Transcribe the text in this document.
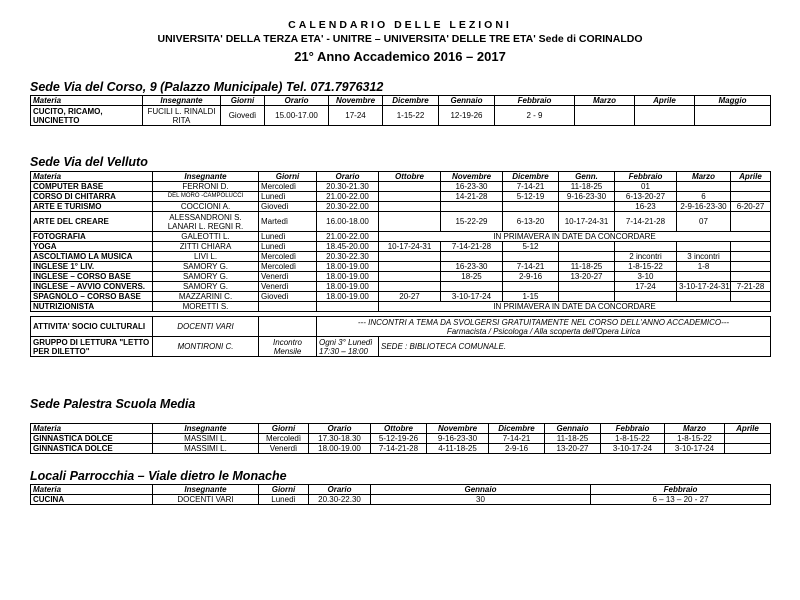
CALENDARIO DELLE LEZIONI
UNIVERSITA' DELLA TERZA ETA' - UNITRE – UNIVERSITA' DELLE TRE ETA' Sede di CORINALDO
21° Anno Accademico 2016 – 2017
Sede Via del Corso, 9 (Palazzo Municipale) Tel. 071.7976312
Materia	Insegnante	Giorni	Orario	Novembre	Dicembre	Gennaio	Febbraio	Marzo	Aprile	Maggio
CUCITO, RICAMO, UNCINETTO	FUCILI L. RINALDI RITA	Giovedì	15.00-17.00	17-24	1-15-22	12-19-26	2 - 9			
Sede Via del Velluto
Materia	Insegnante	Giorni	Orario	Ottobre	Novembre	Dicembre	Genn.	Febbraio	Marzo	Aprile
COMPUTER BASE	FERRONI D.	Mercoledì	20.30-21.30		16-23-30	7-14-21	11-18-25	01		
CORSO DI CHITARRA	DEL MORO -CAMPOLUCCI	Lunedì	21.00-22.00		14-21-28	5-12-19	9-16-23-30	6-13-20-27	6	
ARTE E TURISMO	COCCIONI A.	Giovedì	20.30-22.00					16-23	2-9-16-23-30	6-20-27
ARTE DEL CREARE	ALESSANDRONI S. LANARI L. REGNI R.	Martedì	16.00-18.00		15-22-29	6-13-20	10-17-24-31	7-14-21-28	07	
FOTOGRAFIA	GALEOTTI L.	Lunedì	21.00-22.00	IN PRIMAVERA IN DATE DA CONCORDARE						
YOGA	ZITTI CHIARA	Lunedì	18.45-20.00	10-17-24-31	7-14-21-28	5-12				
ASCOLTIAMO LA MUSICA	LIVI L.	Mercoledì	20.30-22.30					2 incontri	3 incontri	
INGLESE 1° LIV.	SAMORY G.	Mercoledì	18.00-19.00		16-23-30	7-14-21	11-18-25	1-8-15-22	1-8	
INGLESE – CORSO BASE	SAMORY G.	Venerdì	18.00-19.00		18-25	2-9-16	13-20-27	3-10		
INGLESE – AVVIO CONVERS.	SAMORY G.	Venerdì	18.00-19.00					17-24	3-10-17-24-31	7-21-28
SPAGNOLO – CORSO BASE	MAZZARINI C.	Giovedì	18.00-19.00	20-27	3-10-17-24	1-15				
NUTRIZIONISTA	MORETTI S.			IN PRIMAVERA IN DATE DA CONCORDARE						

ATTIVITA' SOCIO CULTURALI	DOCENTI VARI		--- INCONTRI A TEMA DA SVOLGERSI GRATUITAMENTE NEL CORSO DELL'ANNO ACCADEMICO---
Farmacista / Psicologa / Alla scoperta dell'Opera Lirica							

GRUPPO DI LETTURA "LETTO PER DILETTO"	MONTIRONI C.	Incontro Mensile	Ogni 3° Lunedì 17:30 – 18:00	SEDE : BIBLIOTECA COMUNALE.						
Sede Palestra Scuola Media
Materia	Insegnante	Giorni	Orario	Ottobre	Novembre	Dicembre	Gennaio	Febbraio	Marzo	Aprile
GINNASTICA DOLCE	MASSIMI L.	Mercoledì	17.30-18.30	5-12-19-26	9-16-23-30	7-14-21	11-18-25	1-8-15-22	1-8-15-22	
GINNASTICA DOLCE	MASSIMI L.	Venerdì	18.00-19.00	7-14-21-28	4-11-18-25	2-9-16	13-20-27	3-10-17-24	3-10-17-24	
Locali Parrocchia – Viale dietro le Monache
Materia	Insegnante	Giorni	Orario	Gennaio	Febbraio
CUCINA	DOCENTI VARI	Lunedì	20.30-22.30	30	6 – 13 – 20 - 27
